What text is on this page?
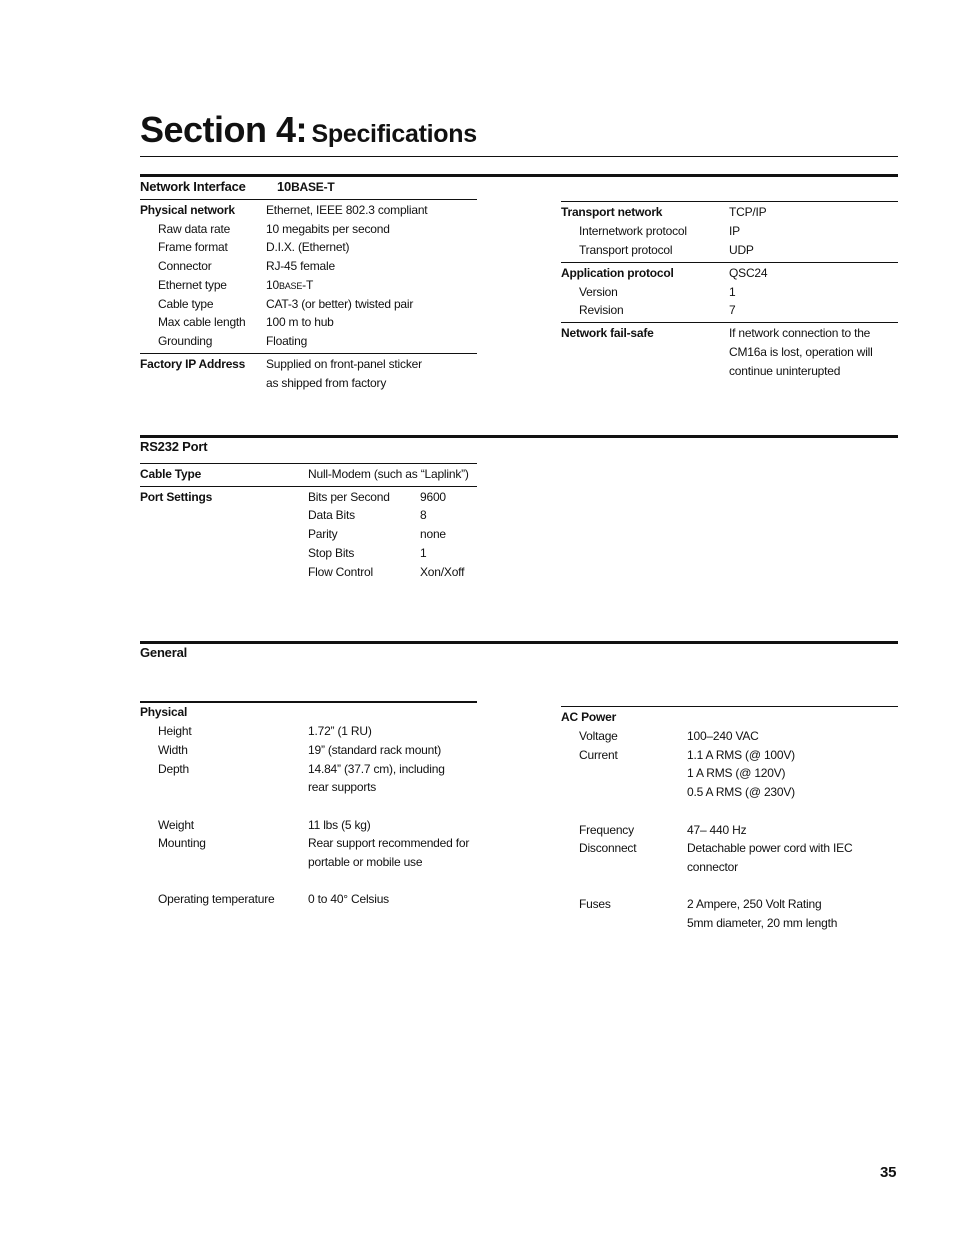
Section 4: Specifications
Network Interface 10BASE-T
Physical network	Ethernet, IEEE 802.3 compliant
Raw data rate	10 megabits per second
Frame format	D.I.X. (Ethernet)
Connector	RJ-45 female
Ethernet type	10BASE-T
Cable type	CAT-3 (or better) twisted pair
Max cable length 100 m to hub
Grounding	Floating
Factory IP Address Supplied on front-panel sticker
as shipped from factory
Transport network	TCP/IP
Internetwork protocol	IP
Transport protocol	UDP
Application protocol	QSC24
Version	1
Revision	7
Network fail-safe	If network connection to the
CM16a is lost, operation will
continue uninterupted
RS232 Port
Cable Type	Null-Modem (such as “Laplink”)
Port Settings	Bits per Second	9600
Data Bits	8
Parity	none
Stop Bits	1
Flow Control	Xon/Xoff
General
Physical
Height	1.72” (1 RU)
Width	19” (standard rack mount)
Depth	14.84” (37.7 cm), including
rear supports
Weight	11 lbs (5 kg)
Mounting	Rear support recommended for
portable or mobile use
Operating temperature	0 to 40° Celsius
AC Power
Voltage	100–240 VAC
Current	1.1 A RMS (@ 100V)
1 A RMS (@ 120V)
0.5 A RMS (@ 230V)
Frequency	47– 440 Hz
Disconnect	Detachable power cord with IEC
connector
Fuses	2 Ampere, 250 Volt Rating
5mm diameter, 20 mm length
35
